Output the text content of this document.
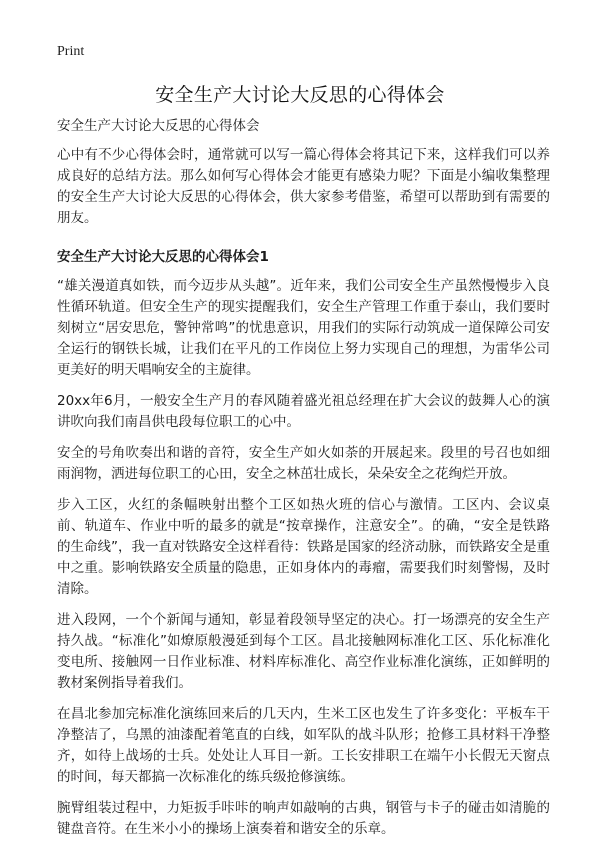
Print
安全生产大讨论大反思的心得体会

安全生产大讨论大反思的心得体会

心中有不少心得体会时，通常就可以写一篇心得体会将其记下来，这样我们可以养成良好的总结方法。那么如何写心得体会才能更有感染力呢？下面是小编收集整理的安全生产大讨论大反思的心得体会，供大家参考借鉴，希望可以帮助到有需要的朋友。

安全生产大讨论大反思的心得体会1

“雄关漫道真如铁，而今迈步从头越”。近年来，我们公司安全生产虽然慢慢步入良性循环轨道。但安全生产的现实提醒我们，安全生产管理工作重于泰山，我们要时刻树立“居安思危，警钟常鸣”的忧患意识，用我们的实际行动筑成一道保障公司安全运行的钢铁长城，让我们在平凡的工作岗位上努力实现自己的理想，为雷华公司更美好的明天唱响安全的主旋律。

20xx年6月，一般安全生产月的春风随着盛光祖总经理在扩大会议的鼓舞人心的演讲吹向我们南昌供电段每位职工的心中。

安全的号角吹奏出和谐的音符，安全生产如火如荼的开展起来。段里的号召也如细雨润物，洒进每位职工的心田，安全之林茁壮成长，朵朵安全之花绚烂开放。

步入工区，火红的条幅映射出整个工区如热火班的信心与激情。工区内、会议桌前、轨道车、作业中听的最多的就是“按章操作，注意安全”。的确，“安全是铁路的生命线”，我一直对铁路安全这样看待：铁路是国家的经济动脉，而铁路安全是重中之重。影响铁路安全质量的隐患，正如身体内的毒瘤，需要我们时刻警惕，及时清除。

进入段网，一个个新闻与通知，彰显着段领导坚定的决心。打一场漂亮的安全生产持久战。“标准化”如燎原般漫延到每个工区。昌北接触网标准化工区、乐化标准化变电所、接触网一日作业标准、材料库标准化、高空作业标准化演练，正如鲜明的教材案例指导着我们。

在昌北参加完标准化演练回来后的几天内，生米工区也发生了许多变化：平板车干净整洁了，乌黑的油漆配着笔直的白线，如军队的战斗队形；抢修工具材料干净整齐，如待上战场的士兵。处处让人耳目一新。工长安排职工在端午小长假无天窗点的时间，每天都搞一次标准化的练兵级抢修演练。

腕臂组装过程中，力矩扳手咔咔的响声如敲响的古典，钢管与卡子的碰击如清脆的键盘音符。在生米小小的操场上演奏着和谐安全的乐章。
